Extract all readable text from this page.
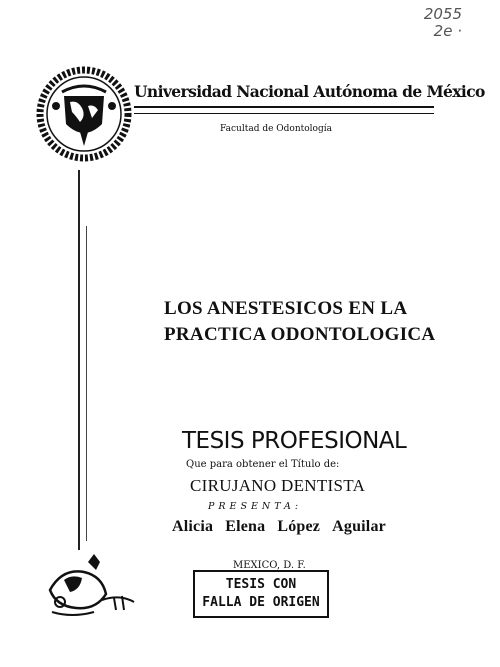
2055
2e ·
Universidad Nacional Autónoma de México
Facultad de Odontología
LOS ANESTESICOS EN LA
PRACTICA ODONTOLOGICA
TESIS PROFESIONAL
Que para obtener el Título de:
CIRUJANO DENTISTA
PRESENTA:
Alicia Elena López Aguilar
MEXICO, D. F.
TESIS CON
FALLA DE ORIGEN
